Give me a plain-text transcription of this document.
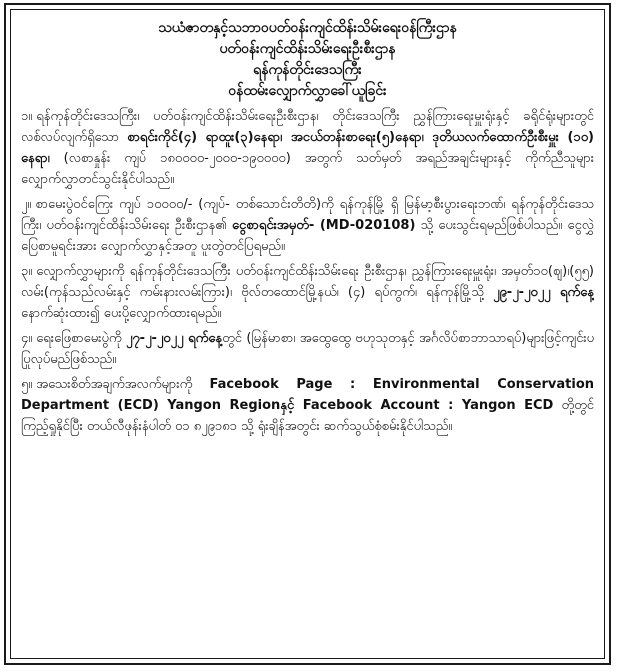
သယံဇာတနှင့်သဘာဝပတ်ဝန်းကျင်ထိန်းသိမ်းရေးဝန်ကြီးဌာန
ပတ်ဝန်းကျင်ထိန်းသိမ်းရေးဦးစီးဌာန
ရန်ကုန်တိုင်းဒေသကြီး
ဝန်ထမ်းလျှောက်လွှာခေါ်ယူခြင်း

၁။ ရန်ကုန်တိုင်းဒေသကြီး၊ ပတ်ဝန်းကျင်ထိန်းသိမ်းရေးဦးစီးဌာန၊ တိုင်းဒေသကြီး ညွှန်ကြားရေးမှူးရုံးနှင့် ခရိုင်ရုံးများတွင် လစ်လပ်လျက်ရှိသော စာရင်းကိုင်(၄) ရာထူး(၃)နေရာ၊ အငယ်တန်းစာရေး(၅)နေရာ၊ ဒုတိယလက်ထောက်ဦးစီးမှူး (၁၀) နေရာ၊ (လစာနှုန်း ကျပ် ၁၈၀၀၀၀-၂၀၀၀-၁၉၀၀၀၀) အတွက် သတ်မှတ် အရည်အချင်းများနှင့် ကိုက်ညီသူများလျှောက်လွှာတင်သွင်းနိုင်ပါသည်။

၂။ စာမေးပွဲဝင်ကြေး ကျပ် ၁၀၀၀၀/- (ကျပ်- တစ်သောင်းတိတိ)ကို ရန်ကုန်မြို့ ရှိ မြန်မာ့စီးပွားရေးဘဏ်၊ ရန်ကုန်တိုင်းဒေသကြီး၊ ပတ်ဝန်းကျင်ထိန်းသိမ်းရေး ဦးစီးဌာန၏ ငွေစာရင်းအမှတ်- (MD-020108) သို့ ပေးသွင်းရမည်ဖြစ်ပါသည်။ ငွေလွှဲပြေစာမူရင်းအား လျှောက်လွှာနှင့်အတူ ပူးတွဲတင်ပြရမည်။

၃။ လျှောက်လွှာများကို ရန်ကုန်တိုင်းဒေသကြီး ပတ်ဝန်းကျင်ထိန်းသိမ်းရေး ဦးစီးဌာန၊ ညွှန်ကြားရေးမှူးရုံး၊ အမှတ်၁၀(ဈ)၊(၅၅) လမ်း(ကုန်သည်လမ်းနှင့် ကမ်းနားလမ်းကြား)၊ ဗိုလ်တထောင်မြို့နယ်၊ (၄) ရပ်ကွက်၊ ရန်ကုန်မြို့သို့ ၂၉-၂-၂၀၂၂ ရက်နေ့ နောက်ဆုံးထား၍ ပေးပို့လျှောက်ထားရမည်။

၄။ ရေးဖြေစာမေးပွဲကို ၂၇-၂-၂၀၂၂ ရက်နေ့တွင် (မြန်မာစာ၊ အထွေထွေ ဗဟုသုတနှင့် အင်္ဂလိပ်စာဘာသာရပ်)များဖြင့်ကျင်းပပြုလုပ်မည်ဖြစ်သည်။

၅။ အသေးစိတ်အချက်အလက်များကို Facebook Page : Environmental Conservation Department (ECD) Yangon Regionနှင့် Facebook Account : Yangon ECD တို့တွင် ကြည့်ရှုနိုင်ပြီး တယ်လီဖုန်းနံပါတ် ၀၁ ၈၂၉၁၈၁ သို့ ရုံးချိန်အတွင်း ဆက်သွယ်စုံစမ်းနိုင်ပါသည်။
